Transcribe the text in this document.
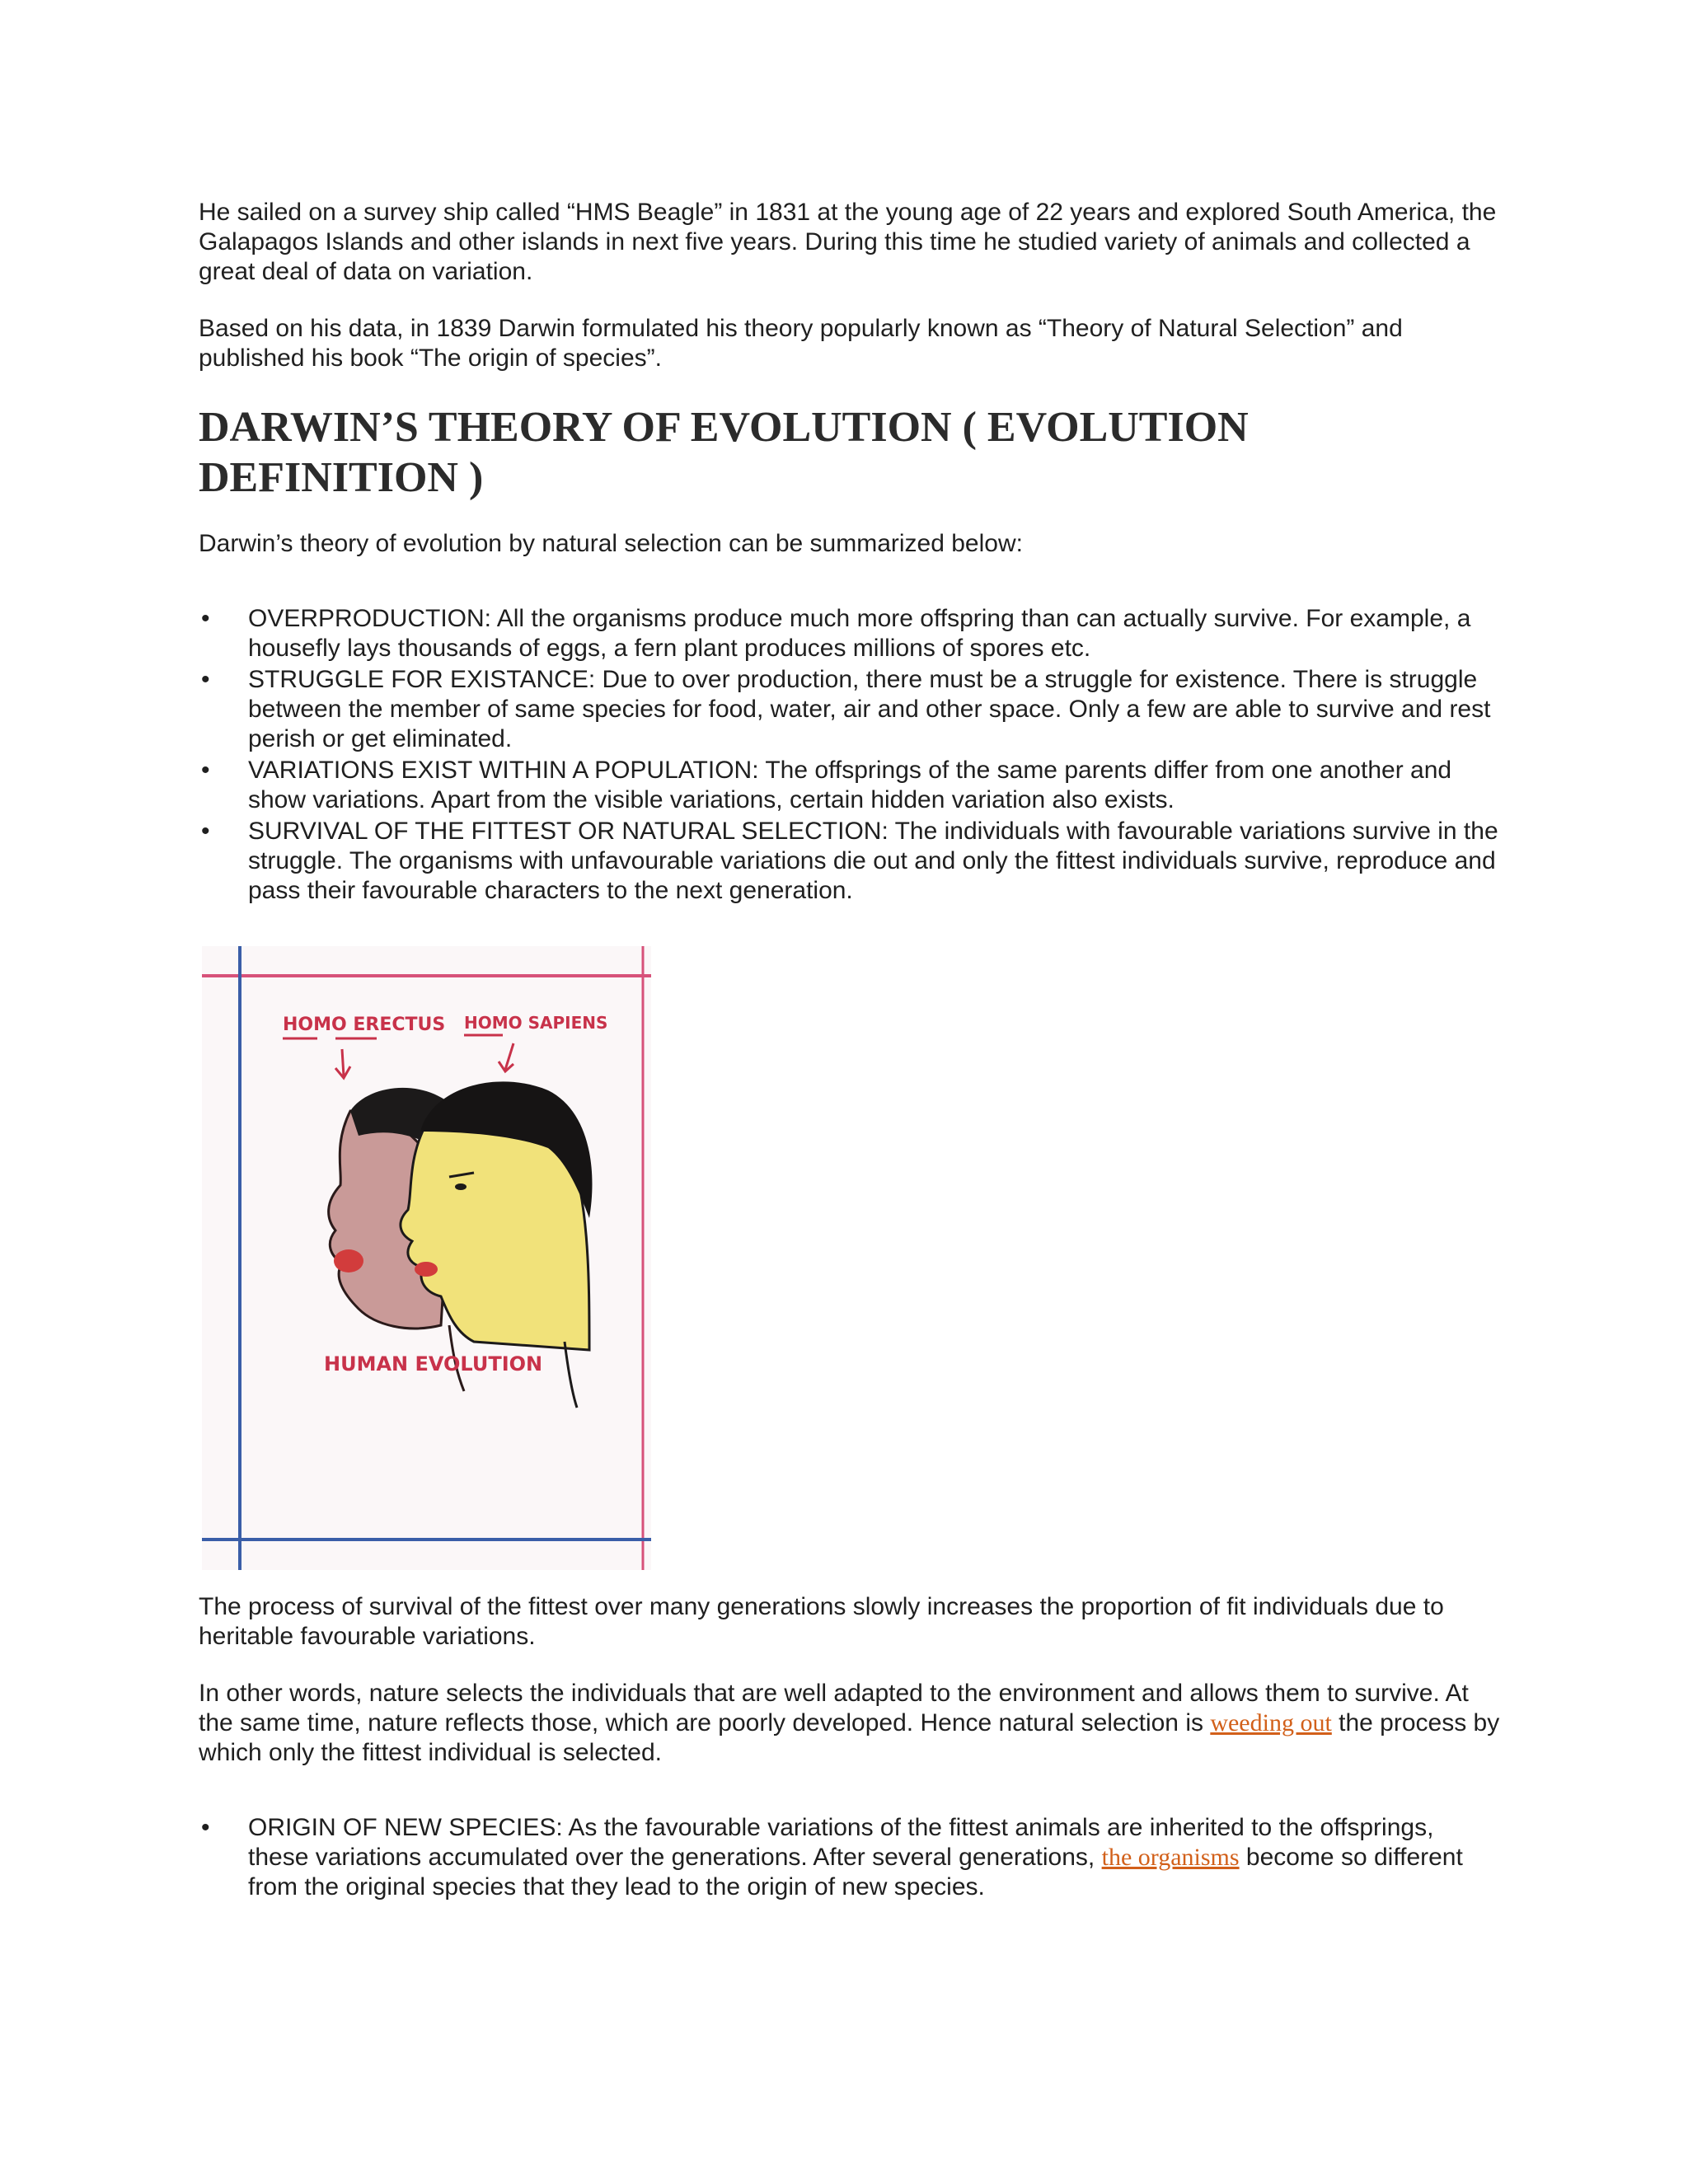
He sailed on a survey ship called “HMS Beagle” in 1831 at the young age of 22 years and explored South America, the Galapagos Islands and other islands in next five years. During this time he studied variety of animals and collected a great deal of data on variation.

Based on his data, in 1839 Darwin formulated his theory popularly known as “Theory of Natural Selection” and published his book “The origin of species”.

DARWIN’S THEORY OF EVOLUTION ( EVOLUTION DEFINITION )

Darwin’s theory of evolution by natural selection can be summarized below:

• OVERPRODUCTION: All the organisms produce much more offspring than can actually survive. For example, a housefly lays thousands of eggs, a fern plant produces millions of spores etc.
• STRUGGLE FOR EXISTANCE: Due to over production, there must be a struggle for existence. There is struggle between the member of same species for food, water, air and other space. Only a few are able to survive and rest perish or get eliminated.
• VARIATIONS EXIST WITHIN A POPULATION: The offsprings of the same parents differ from one another and show variations. Apart from the visible variations, certain hidden variation also exists.
• SURVIVAL OF THE FITTEST OR NATURAL SELECTION: The individuals with favourable variations survive in the struggle. The organisms with unfavourable variations die out and only the fittest individuals survive, reproduce and pass their favourable characters to the next generation.
HOMO ERECTUS HOMO SAPIENS
HUMAN EVOLUTION

The process of survival of the fittest over many generations slowly increases the proportion of fit individuals due to heritable favourable variations.

In other words, nature selects the individuals that are well adapted to the environment and allows them to survive. At the same time, nature reflects those, which are poorly developed. Hence natural selection is weeding out the process by which only the fittest individual is selected.

• ORIGIN OF NEW SPECIES: As the favourable variations of the fittest animals are inherited to the offsprings, these variations accumulated over the generations. After several generations, the organisms become so different from the original species that they lead to the origin of new species.
